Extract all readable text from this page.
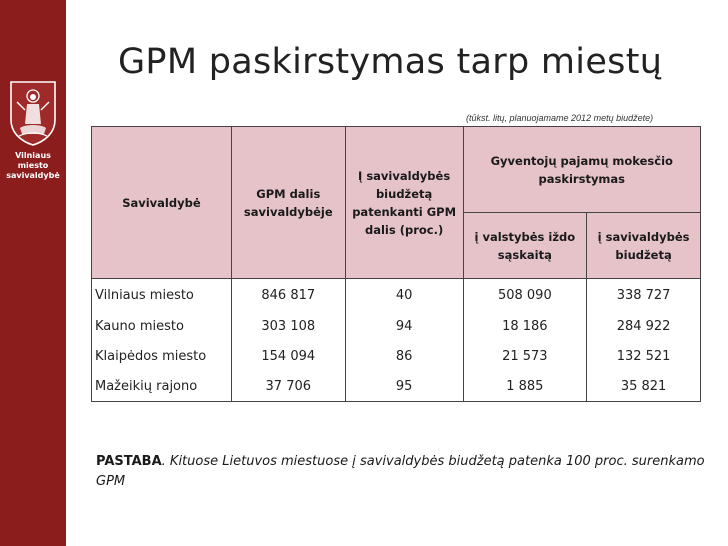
Vilniaus miesto
savivaldybė
GPM paskirstymas tarp miestų
(tūkst. litų, planuojamame 2012 metų biudžete)
Savivaldybė	GPM dalis savivaldybėje	Į savivaldybės biudžetą patenkanti GPM dalis (proc.)	Gyventojų pajamų mokesčio paskirstymas	
			į valstybės iždo sąskaitą	į savivaldybės biudžetą
Vilniaus miesto	846 817	40	508 090	338 727
Kauno miesto	303 108	94	18 186	284 922
Klaipėdos miesto	154 094	86	21 573	132 521
Mažeikių rajono	37 706	95	1 885	35 821
PASTABA. Kituose Lietuvos miestuose į savivaldybės biudžetą patenka 100 proc. surenkamo GPM
